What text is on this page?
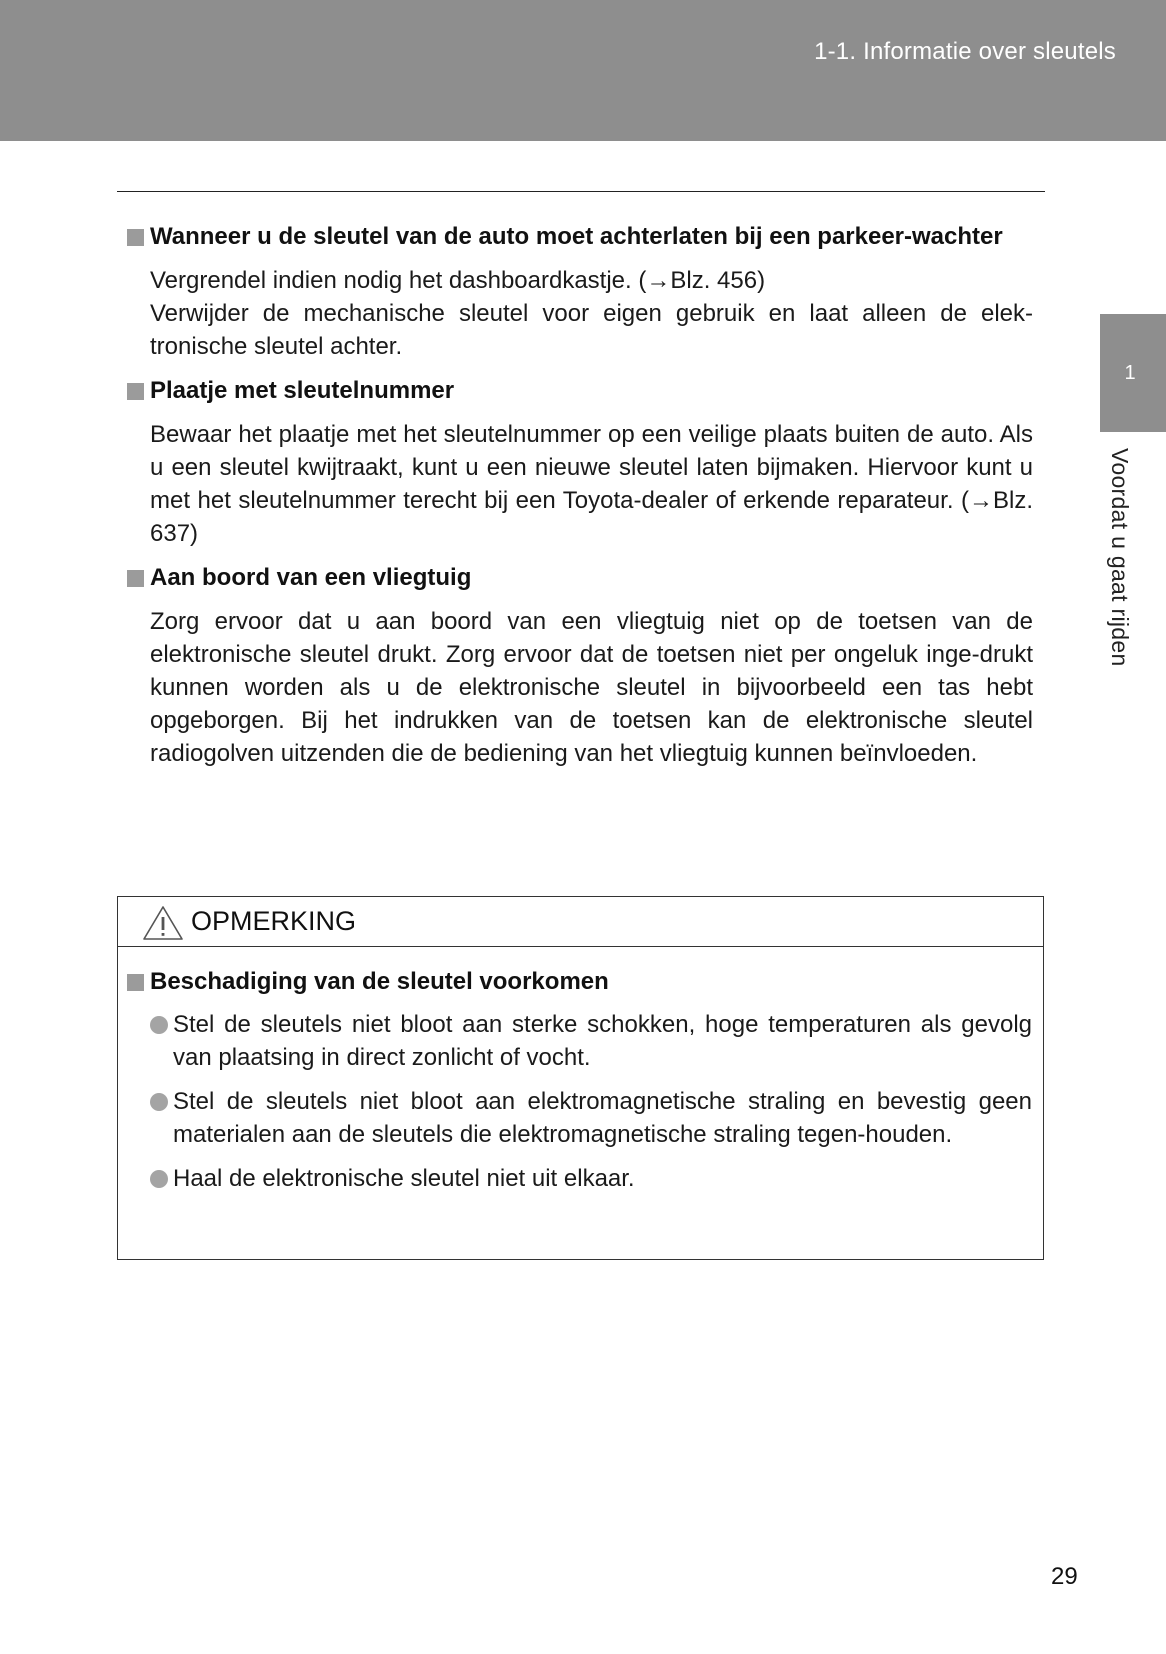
1-1. Informatie over sleutels
1
Voordat u gaat rijden
Wanneer u de sleutel van de auto moet achterlaten bij een parkeer-wachter

Vergrendel indien nodig het dashboardkastje. (→Blz. 456)

Verwijder de mechanische sleutel voor eigen gebruik en laat alleen de elek-tronische sleutel achter.

Plaatje met sleutelnummer

Bewaar het plaatje met het sleutelnummer op een veilige plaats buiten de auto. Als u een sleutel kwijtraakt, kunt u een nieuwe sleutel laten bijmaken. Hiervoor kunt u met het sleutelnummer terecht bij een Toyota-dealer of erkende reparateur. (→Blz. 637)

Aan boord van een vliegtuig

Zorg ervoor dat u aan boord van een vliegtuig niet op de toetsen van de elektronische sleutel drukt. Zorg ervoor dat de toetsen niet per ongeluk inge-drukt kunnen worden als u de elektronische sleutel in bijvoorbeeld een tas hebt opgeborgen. Bij het indrukken van de toetsen kan de elektronische sleutel radiogolven uitzenden die de bediening van het vliegtuig kunnen beïnvloeden.

OPMERKING
Beschadiging van de sleutel voorkomen
Stel de sleutels niet bloot aan sterke schokken, hoge temperaturen als gevolg van plaatsing in direct zonlicht of vocht.
Stel de sleutels niet bloot aan elektromagnetische straling en bevestig geen materialen aan de sleutels die elektromagnetische straling tegen-houden.
Haal de elektronische sleutel niet uit elkaar.
29
